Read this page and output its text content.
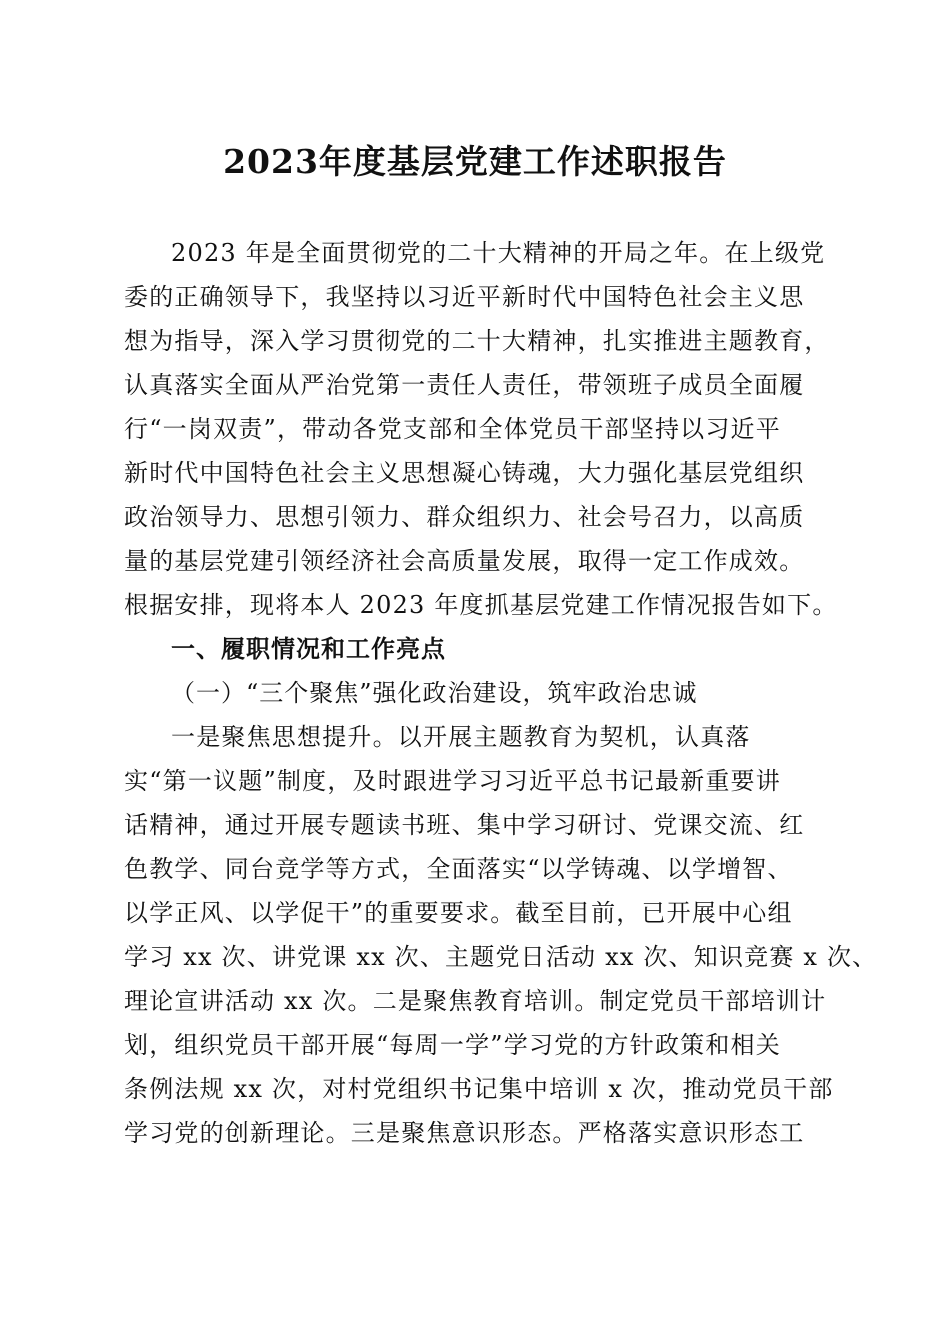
2023年度基层党建工作述职报告
2023 年是全面贯彻党的二十大精神的开局之年。在上级党
委的正确领导下，我坚持以习近平新时代中国特色社会主义思
想为指导，深入学习贯彻党的二十大精神，扎实推进主题教育，
认真落实全面从严治党第一责任人责任，带领班子成员全面履
行“一岗双责”，带动各党支部和全体党员干部坚持以习近平
新时代中国特色社会主义思想凝心铸魂，大力强化基层党组织
政治领导力、思想引领力、群众组织力、社会号召力，以高质
量的基层党建引领经济社会高质量发展，取得一定工作成效。
根据安排，现将本人 2023 年度抓基层党建工作情况报告如下。
一、履职情况和工作亮点
（一）“三个聚焦”强化政治建设，筑牢政治忠诚
一是聚焦思想提升。以开展主题教育为契机，认真落
实“第一议题”制度，及时跟进学习习近平总书记最新重要讲
话精神，通过开展专题读书班、集中学习研讨、党课交流、红
色教学、同台竞学等方式，全面落实“以学铸魂、以学增智、
以学正风、以学促干”的重要要求。截至目前，已开展中心组
学习 xx 次、讲党课 xx 次、主题党日活动 xx 次、知识竞赛 x 次、
理论宣讲活动 xx 次。二是聚焦教育培训。制定党员干部培训计
划，组织党员干部开展“每周一学”学习党的方针政策和相关
条例法规 xx 次，对村党组织书记集中培训 x 次，推动党员干部
学习党的创新理论。三是聚焦意识形态。严格落实意识形态工
